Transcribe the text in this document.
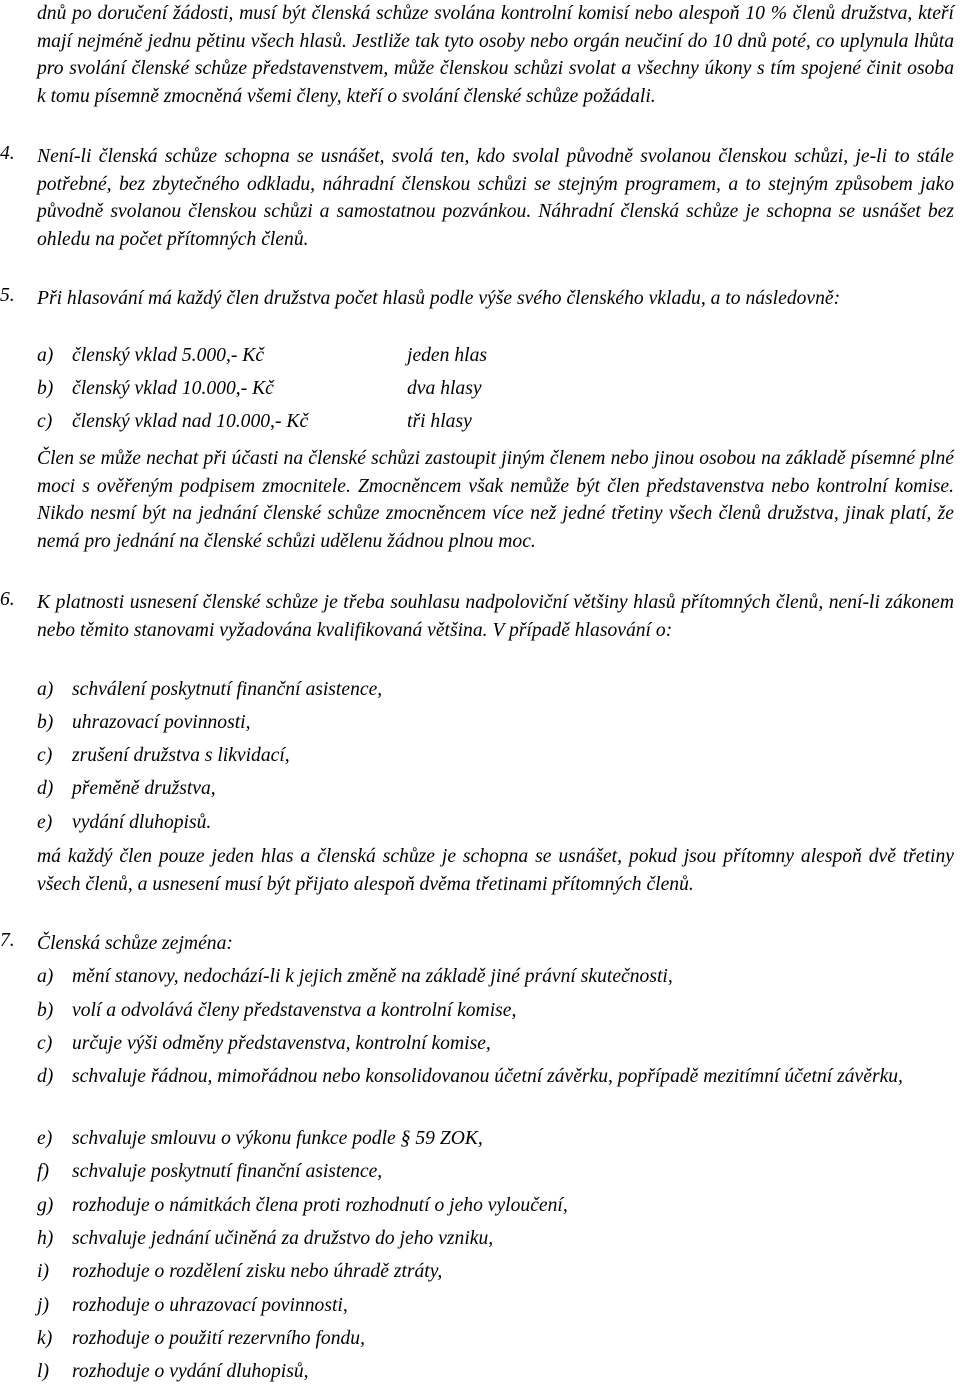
dnů po doručení žádosti, musí být členská schůze svolána kontrolní komisí nebo alespoň 10 % členů družstva, kteří mají nejméně jednu pětinu všech hlasů. Jestliže tak tyto osoby nebo orgán neučiní do 10 dnů poté, co uplynula lhůta pro svolání členské schůze představenstvem, může členskou schůzi svolat a všechny úkony s tím spojené činit osoba k tomu písemně zmocněná všemi členy, kteří o svolání členské schůze požádali.

4.	Není-li členská schůze schopna se usnášet, svolá ten, kdo svolal původně svolanou členskou schůzi, je-li to stále potřebné, bez zbytečného odkladu, náhradní členskou schůzi se stejným programem, a to stejným způsobem jako původně svolanou členskou schůzi a samostatnou pozvánkou. Náhradní členská schůze je schopna se usnášet bez ohledu na počet přítomných členů.

5.	Při hlasování má každý člen družstva počet hlasů podle výše svého členského vkladu, a to následovně:

a) členský vklad 5.000,- Kč	jeden hlas
b) členský vklad 10.000,- Kč	dva hlasy
c) členský vklad nad 10.000,- Kč	tři hlasy

Člen se může nechat při účasti na členské schůzi zastoupit jiným členem nebo jinou osobou na základě písemné plné moci s ověřeným podpisem zmocnitele. Zmocněncem však nemůže být člen představenstva nebo kontrolní komise. Nikdo nesmí být na jednání členské schůze zmocněncem více než jedné třetiny všech členů družstva, jinak platí, že nemá pro jednání na členské schůzi udělenu žádnou plnou moc.

6.	K platnosti usnesení členské schůze je třeba souhlasu nadpoloviční většiny hlasů přítomných členů, není-li zákonem nebo těmito stanovami vyžadována kvalifikovaná většina. V případě hlasování o:

a) schválení poskytnutí finanční asistence,
b) uhrazovací povinnosti,
c) zrušení družstva s likvidací,
d) přeměně družstva,
e) vydání dluhopisů.

má každý člen pouze jeden hlas a členská schůze je schopna se usnášet, pokud jsou přítomny alespoň dvě třetiny všech členů, a usnesení musí být přijato alespoň dvěma třetinami přítomných členů.

7.	Členská schůze zejména:

a) mění stanovy, nedochází-li k jejich změně na základě jiné právní skutečnosti,
b) volí a odvolává členy představenstva a kontrolní komise,
c) určuje výši odměny představenstva, kontrolní komise,
d) schvaluje řádnou, mimořádnou nebo konsolidovanou účetní závěrku, popřípadě mezitímní účetní závěrku,
e) schvaluje smlouvu o výkonu funkce podle § 59 ZOK,
f) schvaluje poskytnutí finanční asistence,
g) rozhoduje o námitkách člena proti rozhodnutí o jeho vyloučení,
h) schvaluje jednání učiněná za družstvo do jeho vzniku,
i) rozhoduje o rozdělení zisku nebo úhradě ztráty,
j) rozhoduje o uhrazovací povinnosti,
k) rozhoduje o použití rezervního fondu,
l) rozhoduje o vydání dluhopisů,
